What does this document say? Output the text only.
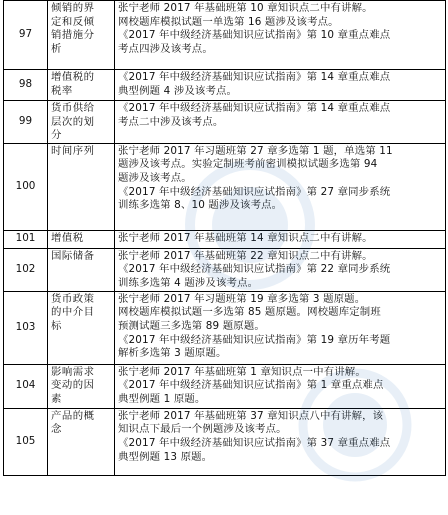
97	倾销的界
定和反倾
销措施分
析	张宁老师 2017 年基础班第 10 章知识点二中有讲解。
网校题库模拟试题一单选第 16 题涉及该考点。
《2017 年中级经济基础知识应试指南》第 10 章重点难点
考点四涉及该考点。

98	增值税的
税率	《2017 年中级经济基础知识应试指南》第 14 章重点难点
典型例题 4 涉及该考点。

99	货币供给
层次的划
分	《2017 年中级经济基础知识应试指南》第 14 章重点难点
考点二中涉及该考点。

100	时间序列	张宁老师 2017 年习题班第 27 章多选第 1 题，单选第 11
题涉及该考点。实验定制班考前密训模拟试题多选第 94
题涉及该考点。
《2017 年中级经济基础知识应试指南》第 27 章同步系统
训练多选第 8、10 题涉及该考点。

101	增值税	张宁老师 2017 年基础班第 14 章知识点二中有讲解。

102	国际储备	张宁老师 2017 年基础班第 22 章知识点二中有讲解。
《2017 年中级经济基础知识应试指南》第 22 章同步系统
训练多选第 4 题涉及该考点。

103	货币政策
的中介目
标	张宁老师 2017 年习题班第 19 章多选第 3 题原题。
网校题库模拟试题一多选第 85 题原题。网校题库定制班
预测试题三多选第 89 题原题。
《2017 年中级经济基础知识应试指南》第 19 章历年考题
解析多选第 3 题原题。

104	影响需求
变动的因
素	张宁老师 2017 年基础班第 1 章知识点一中有讲解。
《2017 年中级经济基础知识应试指南》第 1 章重点难点
典型例题 1 原题。

105	产品的概
念	张宁老师 2017 年基础班第 37 章知识点八中有讲解，该
知识点下最后一个例题涉及该考点。
《2017 年中级经济基础知识应试指南》第 37 章重点难点
典型例题 13 原题。
